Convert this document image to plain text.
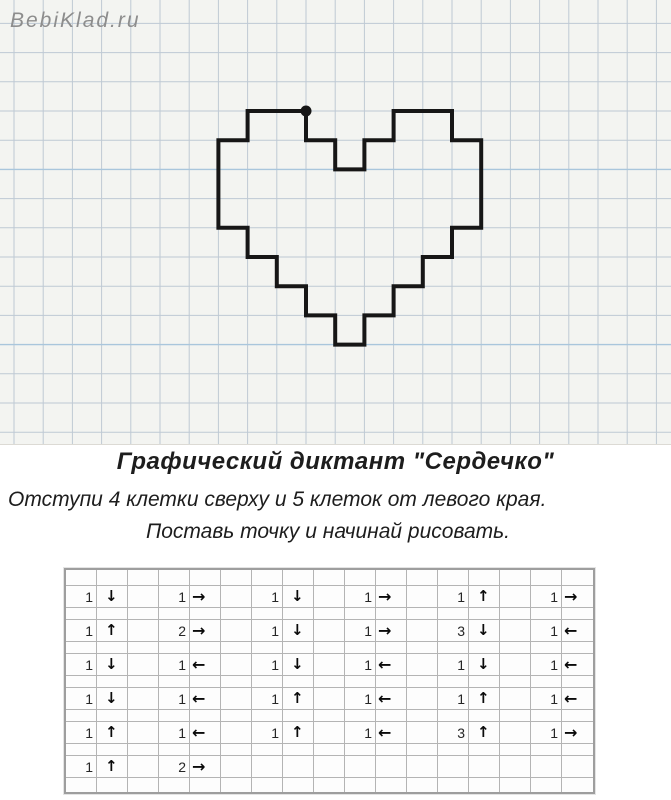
BebiKlad.ru
Графический диктант "Сердечко"
Отступи 4 клетки сверху и 5 клеток от левого края.
Поставь точку и начинай рисовать.
1 ↓	1 →	1 ↓	1 →	1 ↑	1 →
1 ↑	2 →	1 ↓	1 →	3 ↓	1 ←
1 ↓	1 ←	1 ↓	1 ←	1 ↓	1 ←
1 ↓	1 ←	1 ↑	1 ←	1 ↑	1 ←
1 ↑	1 ←	1 ↑	1 ←	3 ↑	1 →
1 ↑	2 →
